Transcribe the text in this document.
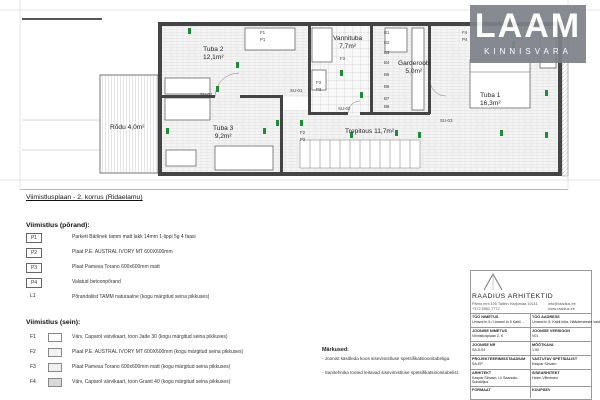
Tuba 2
12,1m²
Vannituba
7,7m²
Garderoob
5,0m²
Tuba 1
16,3m²
Tuba 3
9,2m²
Trepitous 11,7m²
Rõdu 4,0m²
F1
P1
F4
P4
F3
P3
F2
P2
F3
SU-04
SU-01
SU-02
SU-03
B1
B2
B3
B4
B5
B6
B7
B8
LAAM
KINNISVARA
Viimistlusplaan - 2. korrus (Ridaelamu)
Viimistlus (põrand):
P1	Parkett Bärlinek tamm matt lakk 14mm 1-lippi 5g 4 faasi
P2	Plaat P.E. AUSTRAL IVORY MT 600X600mm
P3	Plaat Pamesa Torano 600x600mm matt
P4	Valatud betoonpõrand
L1	Põrandaliist TAMM naturaalne (kogu märgitud seina pikkuses)
Viimistlus (sein):
F1	Värv, Caparol värvikaart, toon Jade 30 (kogu märgitud seina pikkuses)
F2	Plaat P.E. AUSTRAL IVORY MT 600X600mm (kogu märgitud seina pikkuses)
F3	Plaat Pamesa Torano 600x600mm matt (kogu märgitud seina pikkuses)
F4	Värv, Caparol värvikaart, toon Granit 40 (kogu märgitud seina pikkuses)
Märkused:
- Joonist käsitleda koos sisevimistluse spetsifikatsioonitabeliga.
- Sanitehnika tooted leitavad sisevimistluse spetsifikatsioonitabelist.
RAADIUS ARHITEKTID
Pärnu mnt 105 Tallinn Harjumaa 10141
+372 5562 7772
info@raadius.ee
www.raadius.ee
TÖÖ NIMETUS
Umami tn 5 / Umami tn 5 Kabli ...
TÖÖ AADRESS
Umami tn 5, Kabli küla, Häädemeeste vald
JOONISE NIMETUS
Viimistlusplaan 2. K
JOONISE VERSIOON
V01
JOONISE NR
SA-5-04
MÕÕTKAVA
1:50
PROJEKTEERIMISSTAADIUM
SA-EP
VASTUTAV SPETSIALIST
Kaspar Sihvam
ARHITEKT
Kaspar Sihvam, Lii Saarsalu-Suballiljus
SISEARHITEKT
Helen Villemsen
FORMAAT	KUUPÄEV
